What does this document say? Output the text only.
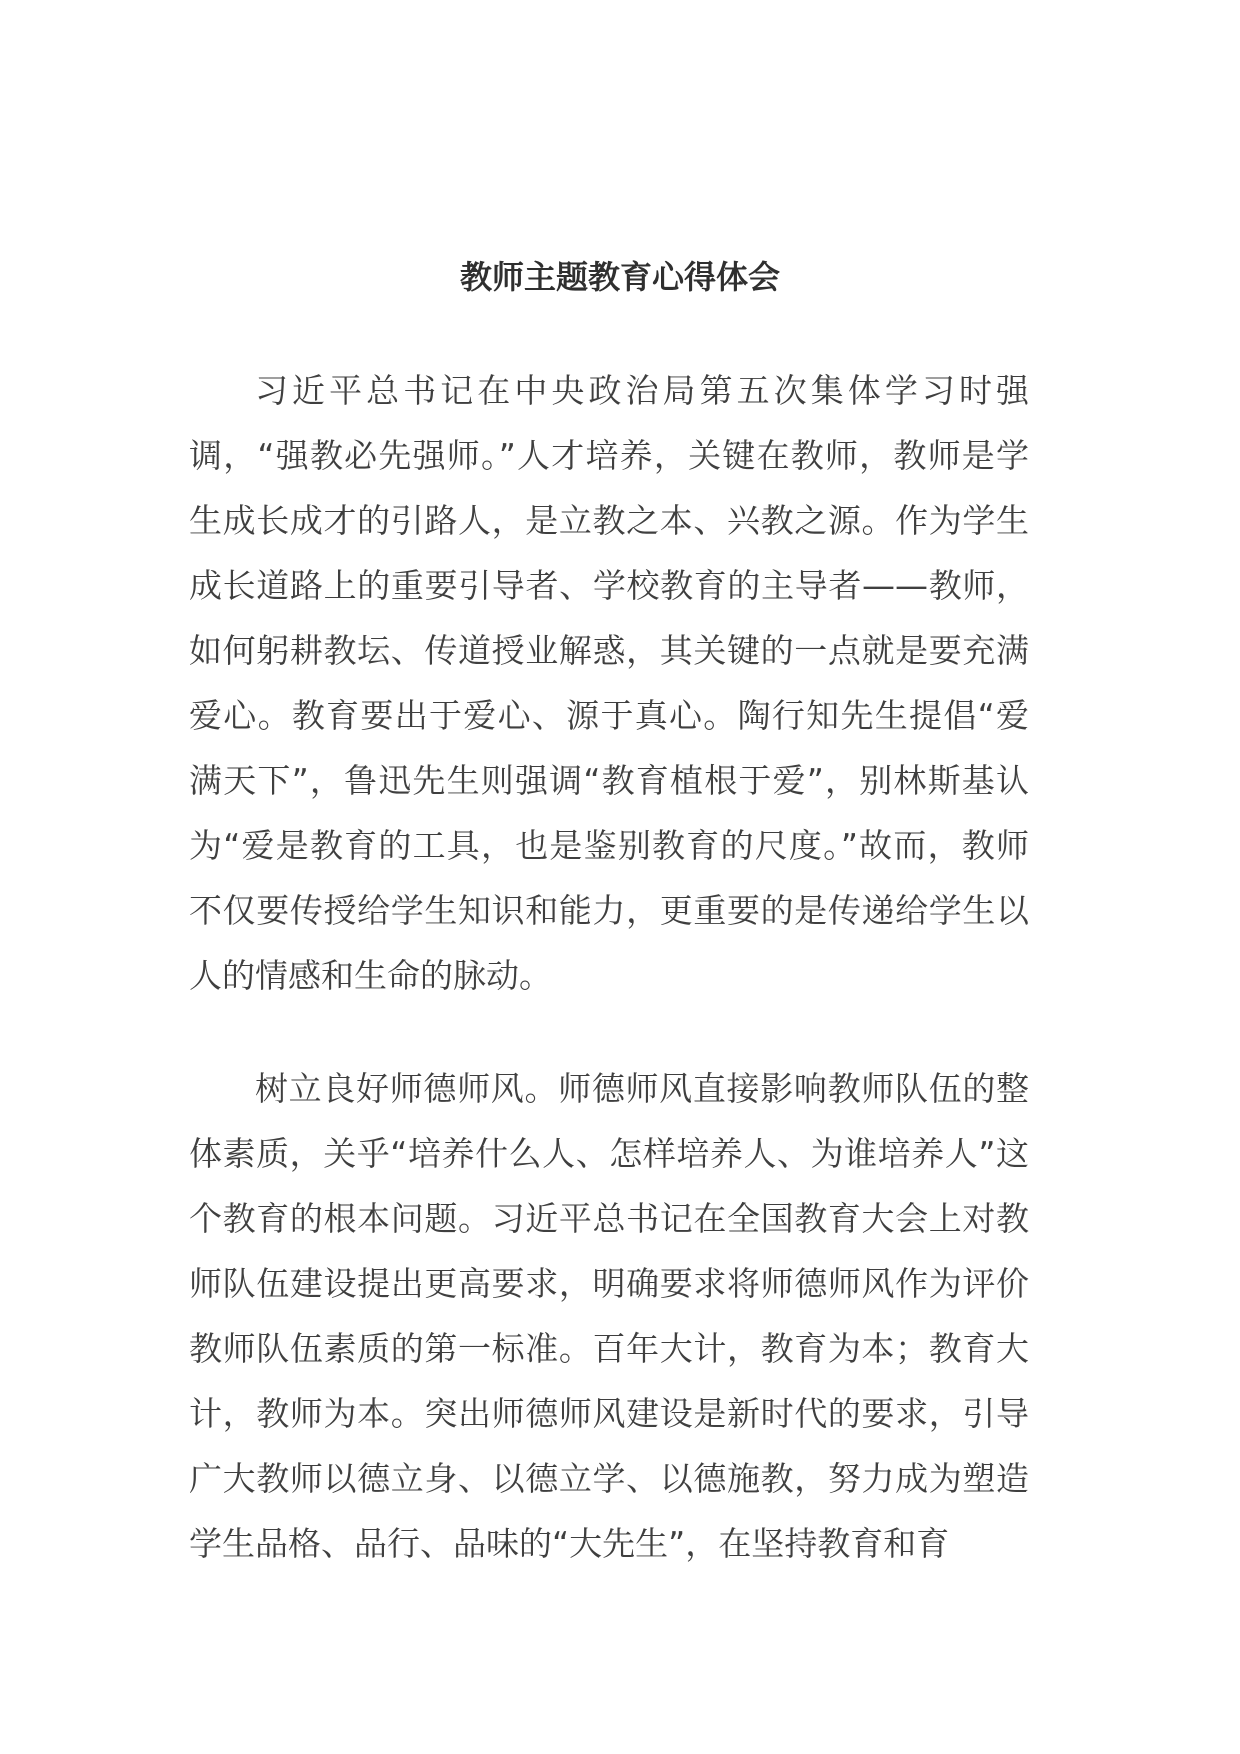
教师主题教育心得体会

习近平总书记在中央政治局第五次集体学习时强调，“强教必先强师。”人才培养，关键在教师，教师是学生成长成才的引路人，是立教之本、兴教之源。作为学生成长道路上的重要引导者、学校教育的主导者——教师，如何躬耕教坛、传道授业解惑，其关键的一点就是要充满爱心。教育要出于爱心、源于真心。陶行知先生提倡“爱满天下”，鲁迅先生则强调“教育植根于爱”，别林斯基认为“爱是教育的工具，也是鉴别教育的尺度。”故而，教师不仅要传授给学生知识和能力，更重要的是传递给学生以人的情感和生命的脉动。

树立良好师德师风。师德师风直接影响教师队伍的整体素质，关乎“培养什么人、怎样培养人、为谁培养人”这个教育的根本问题。习近平总书记在全国教育大会上对教师队伍建设提出更高要求，明确要求将师德师风作为评价教师队伍素质的第一标准。百年大计，教育为本；教育大计，教师为本。突出师德师风建设是新时代的要求，引导广大教师以德立身、以德立学、以德施教，努力成为塑造学生品格、品行、品味的“大先生”，在坚持教育和育
